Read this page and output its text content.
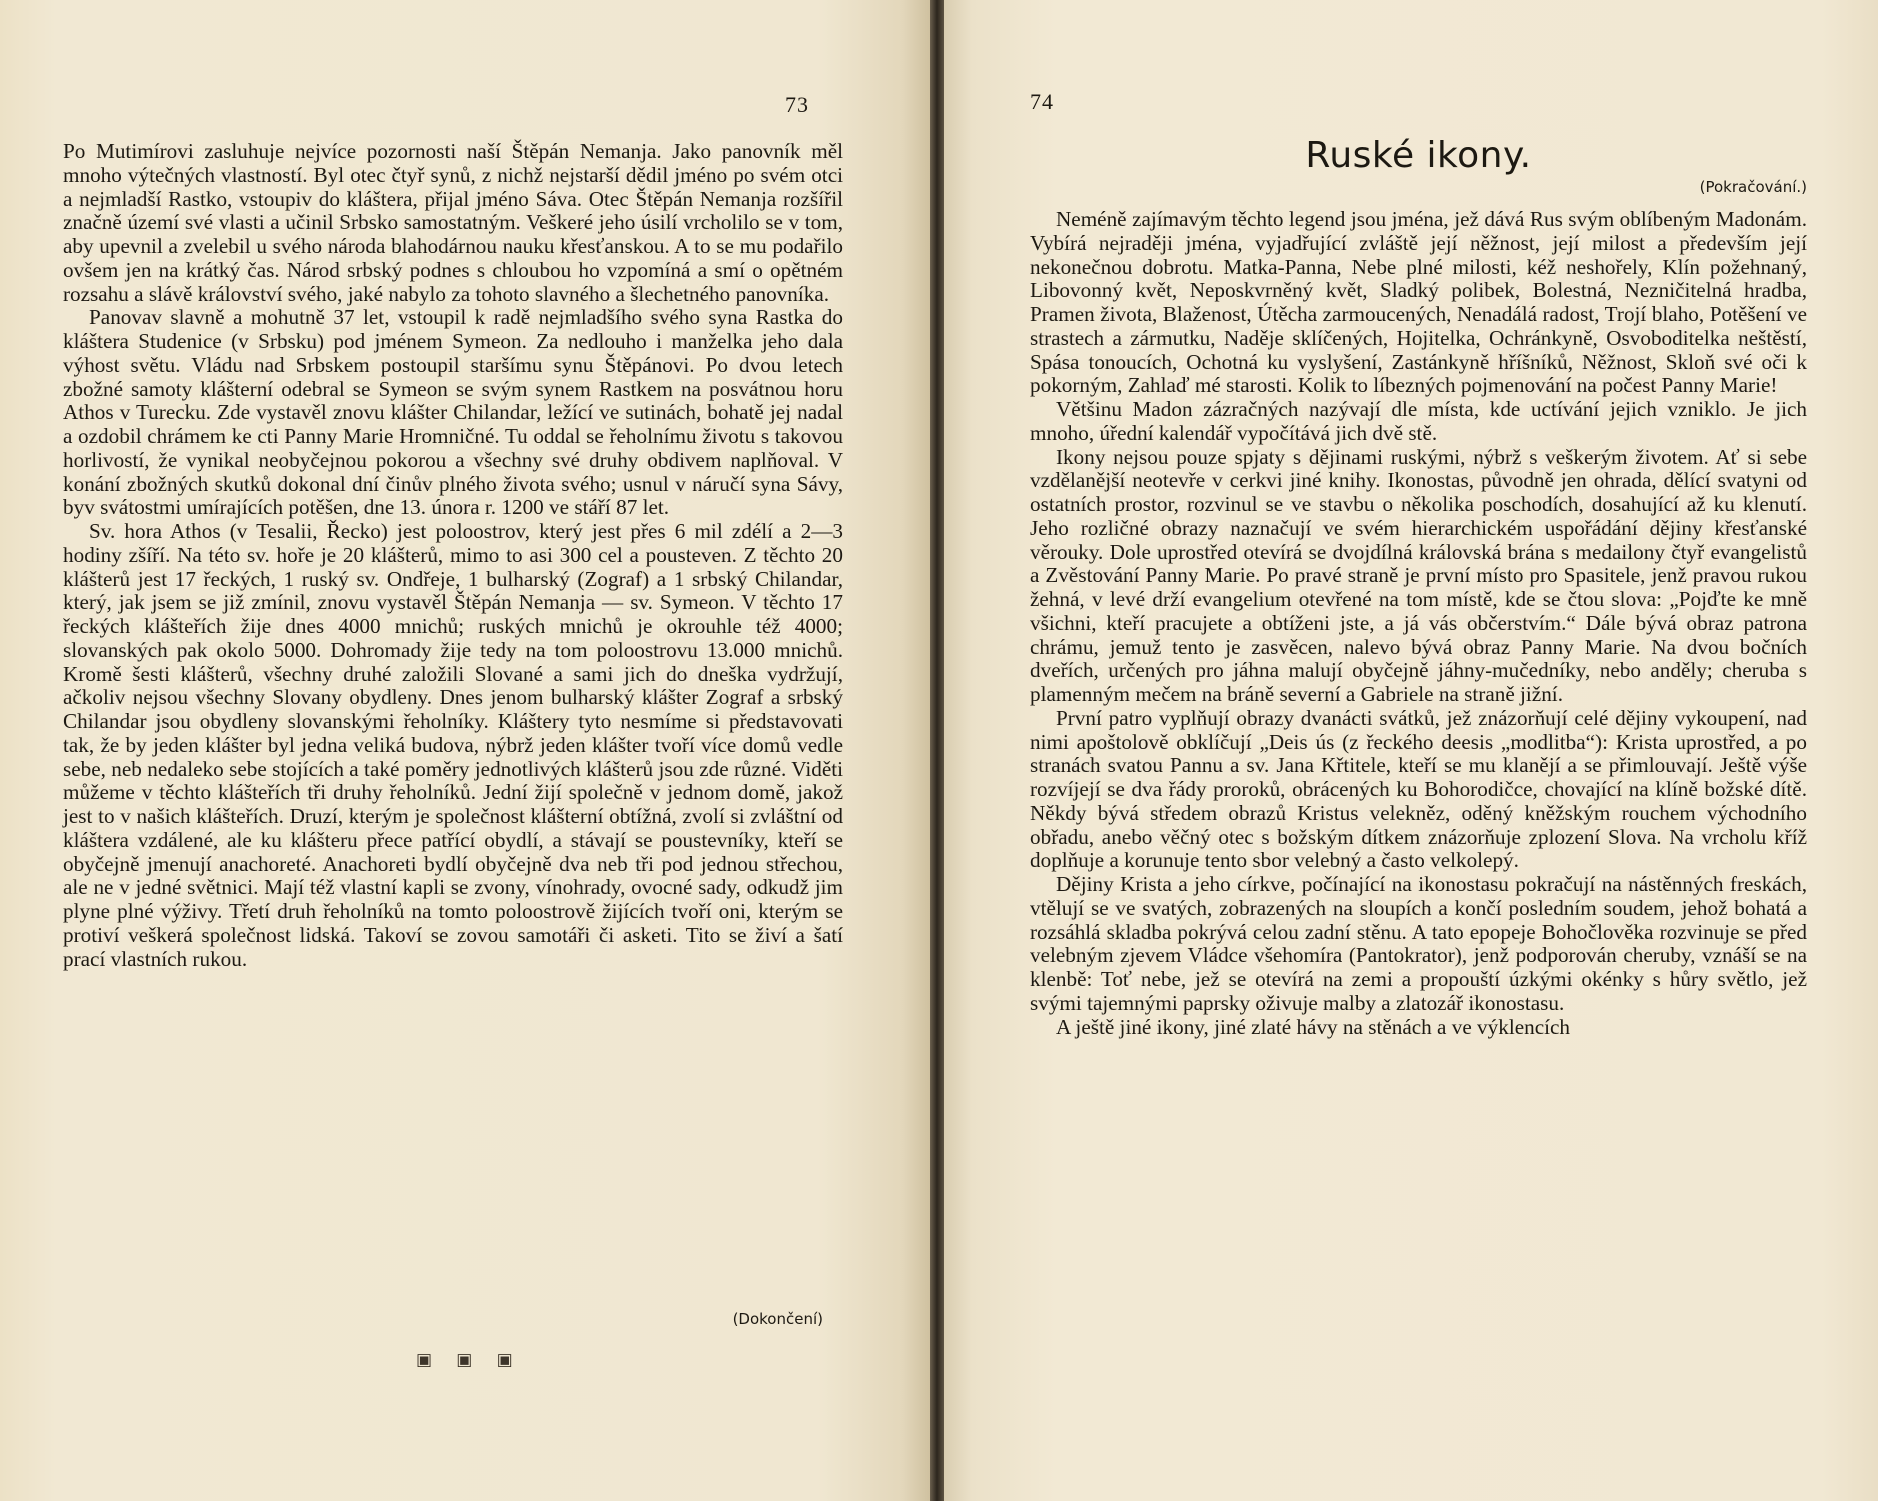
73

Po Mutimírovi zasluhuje nejvíce pozornosti naší Štěpán Nemanja. Jako panovník měl mnoho výtečných vlastností. Byl otec čtyř synů, z nichž nejstarší dědil jméno po svém otci a nejmladší Rastko, vstoupiv do kláštera, přijal jméno Sáva. Otec Štěpán Nemanja rozšířil značně území své vlasti a učinil Srbsko samostatným. Veškeré jeho úsilí vrcholilo se v tom, aby upevnil a zvelebil u svého národa blahodárnou nauku křesťanskou. A to se mu podařilo ovšem jen na krátký čas. Národ srbský podnes s chloubou ho vzpomíná a smí o opětném rozsahu a slávě království svého, jaké nabylo za tohoto slavného a šlechetného panovníka.

Panovav slavně a mohutně 37 let, vstoupil k radě nejmladšího svého syna Rastka do kláštera Studenice (v Srbsku) pod jménem Symeon. Za nedlouho i manželka jeho dala výhost světu. Vládu nad Srbskem postoupil staršímu synu Štěpánovi. Po dvou letech zbožné samoty klášterní odebral se Symeon se svým synem Rastkem na posvátnou horu Athos v Turecku. Zde vystavěl znovu klášter Chilandar, ležící ve sutinách, bohatě jej nadal a ozdobil chrámem ke cti Panny Marie Hromničné. Tu oddal se řeholnímu životu s takovou horlivostí, že vynikal neobyčejnou pokorou a všechny své druhy obdivem naplňoval. V konání zbožných skutků dokonal dní činův plného života svého; usnul v náručí syna Sávy, byv svátostmi umírajících potěšen, dne 13. února r. 1200 ve stáří 87 let.

Sv. hora Athos (v Tesalii, Řecko) jest poloostrov, který jest přes 6 mil zdélí a 2—3 hodiny zšíří. Na této sv. hoře je 20 klášterů, mimo to asi 300 cel a pousteven. Z těchto 20 klášterů jest 17 řeckých, 1 ruský sv. Ondřeje, 1 bulharský (Zograf) a 1 srbský Chilandar, který, jak jsem se již zmínil, znovu vystavěl Štěpán Nemanja — sv. Symeon. V těchto 17 řeckých klášteřích žije dnes 4000 mnichů; ruských mnichů je okrouhle též 4000; slovanských pak okolo 5000. Dohromady žije tedy na tom poloostrovu 13.000 mnichů. Kromě šesti klášterů, všechny druhé založili Slované a sami jich do dneška vydržují, ačkoliv nejsou všechny Slovany obydleny. Dnes jenom bulharský klášter Zograf a srbský Chilandar jsou obydleny slovanskými řeholníky. Kláštery tyto nesmíme si představovati tak, že by jeden klášter byl jedna veliká budova, nýbrž jeden klášter tvoří více domů vedle sebe, neb nedaleko sebe stojících a také poměry jednotlivých klášterů jsou zde různé. Viděti můžeme v těchto klášteřích tři druhy řeholníků. Jední žijí společně v jednom domě, jakož jest to v našich klášteřích. Druzí, kterým je společnost klášterní obtížná, zvolí si zvláštní od kláštera vzdálené, ale ku klášteru přece patřící obydlí, a stávají se poustevníky, kteří se obyčejně jmenují anachoreté. Anachoreti bydlí obyčejně dva neb tři pod jednou střechou, ale ne v jedné světnici. Mají též vlastní kapli se zvony, vínohrady, ovocné sady, odkudž jim plyne plné výživy. Třetí druh řeholníků na tomto poloostrově žijících tvoří oni, kterým se protiví veškerá společnost lidská. Takoví se zovou samotáři či asketi. Tito se živí a šatí prací vlastních rukou.

(Dokončení)
▣ ▣ ▣
74
Ruské ikony.
(Pokračování.)

Neméně zajímavým těchto legend jsou jména, jež dává Rus svým oblíbeným Madonám. Vybírá nejraději jména, vyjadřující zvláště její něžnost, její milost a především její nekonečnou dobrotu. Matka-Panna, Nebe plné milosti, kéž neshořely, Klín požehnaný, Libovonný květ, Neposkvrněný květ, Sladký polibek, Bolestná, Nezničitelná hradba, Pramen života, Blaženost, Útěcha zarmoucených, Nenadálá radost, Trojí blaho, Potěšení ve strastech a zármutku, Naděje sklíčených, Hojitelka, Ochránkyně, Osvoboditelka neštěstí, Spása tonoucích, Ochotná ku vyslyšení, Zastánkyně hříšníků, Něžnost, Skloň své oči k pokorným, Zahlaď mé starosti. Kolik to líbezných pojmenování na počest Panny Marie!

Většinu Madon zázračných nazývají dle místa, kde uctívání jejich vzniklo. Je jich mnoho, úřední kalendář vypočítává jich dvě stě.

Ikony nejsou pouze spjaty s dějinami ruskými, nýbrž s veškerým životem. Ať si sebe vzdělanější neotevře v cerkvi jiné knihy. Ikonostas, původně jen ohrada, dělící svatyni od ostatních prostor, rozvinul se ve stavbu o několika poschodích, dosahující až ku klenutí. Jeho rozličné obrazy naznačují ve svém hierarchickém uspořádání dějiny křesťanské věrouky. Dole uprostřed otevírá se dvojdílná královská brána s medailony čtyř evangelistů a Zvěstování Panny Marie. Po pravé straně je první místo pro Spasitele, jenž pravou rukou žehná, v levé drží evangelium otevřené na tom místě, kde se čtou slova: „Pojďte ke mně všichni, kteří pracujete a obtíženi jste, a já vás občerstvím.“ Dále bývá obraz patrona chrámu, jemuž tento je zasvěcen, nalevo bývá obraz Panny Marie. Na dvou bočních dveřích, určených pro jáhna malují obyčejně jáhny-mučedníky, nebo anděly; cheruba s plamenným mečem na bráně severní a Gabriele na straně jižní.

První patro vyplňují obrazy dvanácti svátků, jež znázorňují celé dějiny vykoupení, nad nimi apoštolově obklíčují „Deis ús (z řeckého deesis „modlitba“): Krista uprostřed, a po stranách svatou Pannu a sv. Jana Křtitele, kteří se mu klanějí a se přimlouvají. Ještě výše rozvíjejí se dva řády proroků, obrácených ku Bohorodičce, chovající na klíně božské dítě. Někdy bývá středem obrazů Kristus velekněz, oděný kněžským rouchem východního obřadu, anebo věčný otec s božským dítkem znázorňuje zplození Slova. Na vrcholu kříž doplňuje a korunuje tento sbor velebný a často velkolepý.

Dějiny Krista a jeho církve, počínající na ikonostasu pokračují na nástěnných freskách, vtělují se ve svatých, zobrazených na sloupích a končí posledním soudem, jehož bohatá a rozsáhlá skladba pokrývá celou zadní stěnu. A tato epopeje Bohočlověka rozvinuje se před velebným zjevem Vládce všehomíra (Pantokrator), jenž podporován cheruby, vznáší se na klenbě: Toť nebe, jež se otevírá na zemi a propouští úzkými okénky s hůry světlo, jež svými tajemnými paprsky oživuje malby a zlatozář ikonostasu.

A ještě jiné ikony, jiné zlaté hávy na stěnách a ve výklencích
